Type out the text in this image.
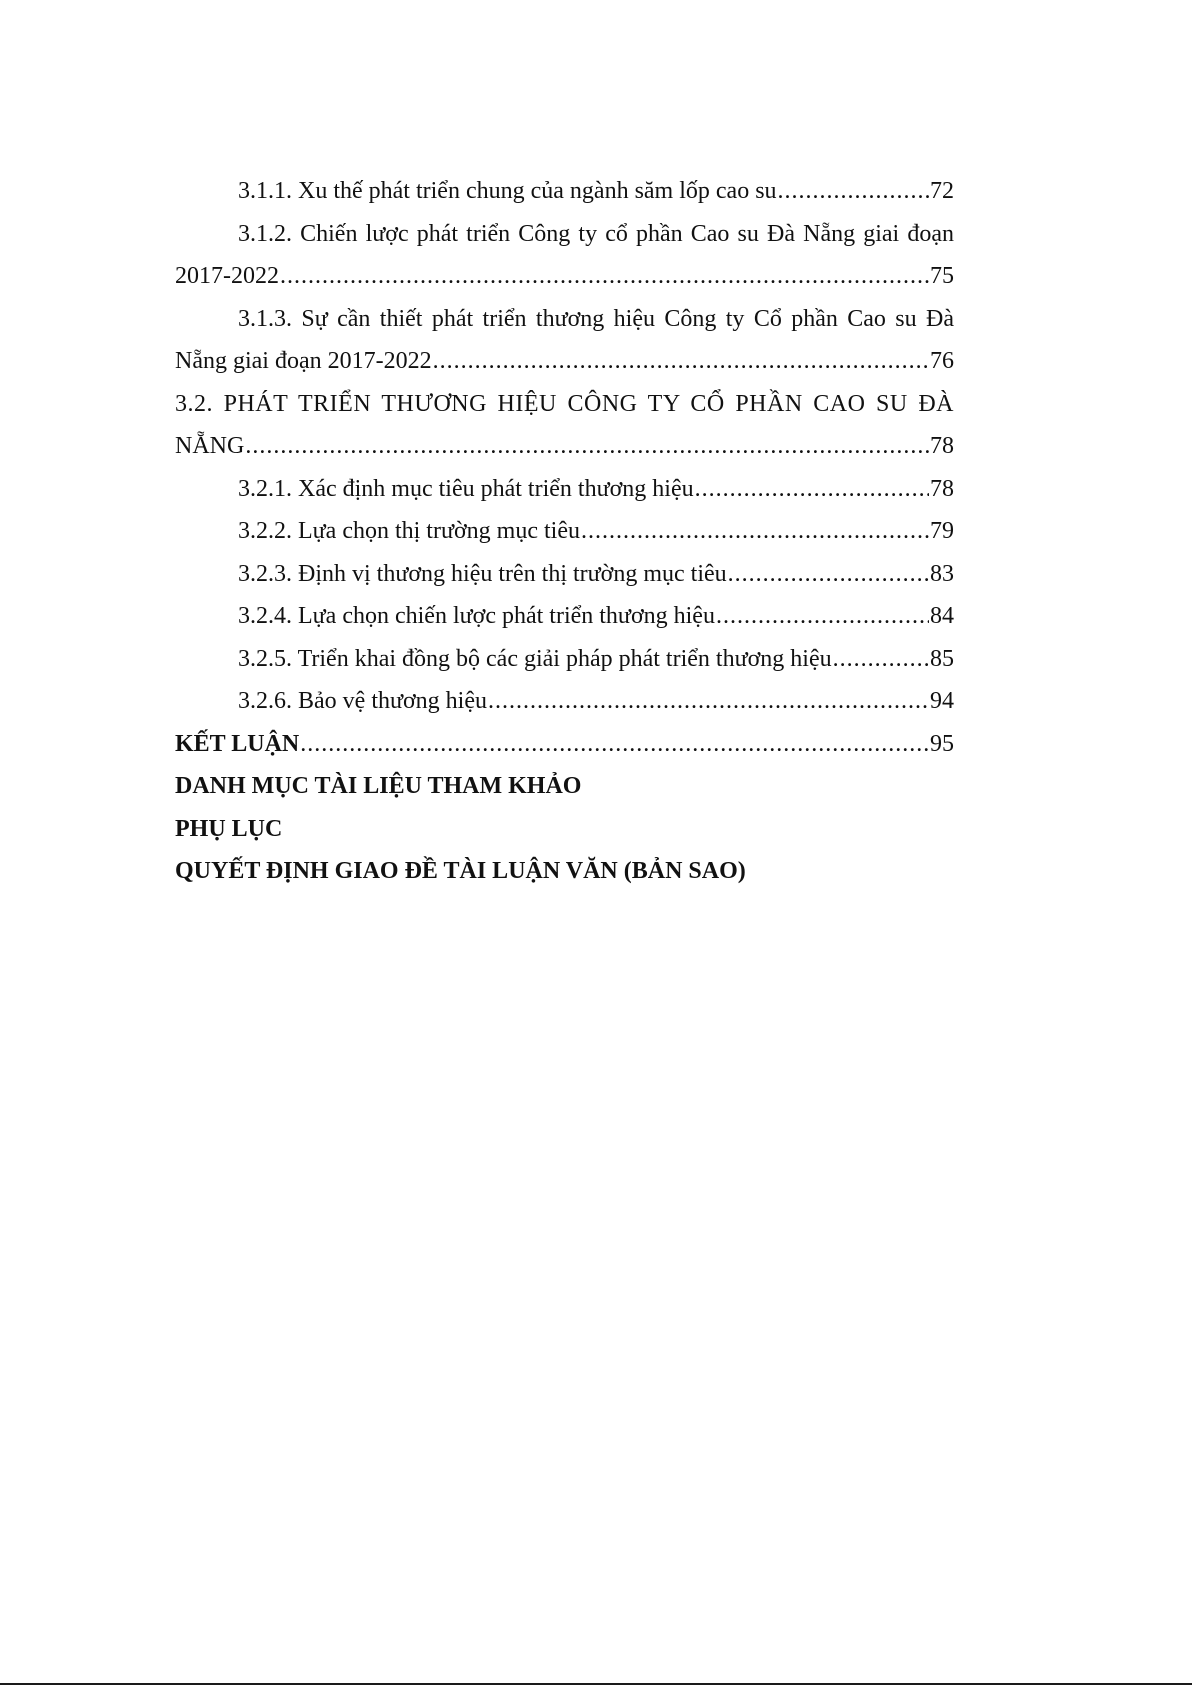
3.1.1. Xu thế phát triển chung của ngành săm lốp cao su .....	72
3.1.2. Chiến lược phát triển Công ty cổ phần Cao su Đà Nẵng giai đoạn
2017-2022 .....	75
3.1.3. Sự cần thiết phát triển thương hiệu Công ty Cổ phần Cao su Đà
Nẵng giai đoạn 2017-2022 .....	76
3.2. PHÁT TRIỂN THƯƠNG HIỆU CÔNG TY CỔ PHẦN CAO SU ĐÀ
NẴNG .....	78
3.2.1. Xác định mục tiêu phát triển thương hiệu .....	78
3.2.2. Lựa chọn thị trường mục tiêu .....	79
3.2.3. Định vị thương hiệu trên thị trường mục tiêu .....	83
3.2.4. Lựa chọn chiến lược phát triển thương hiệu .....	84
3.2.5. Triển khai đồng bộ các giải pháp phát triển thương hiệu .....	85
3.2.6. Bảo vệ thương hiệu .....	94
KẾT LUẬN .....	95
DANH MỤC TÀI LIỆU THAM KHẢO
PHỤ LỤC
QUYẾT ĐỊNH GIAO ĐỀ TÀI LUẬN VĂN (BẢN SAO)
